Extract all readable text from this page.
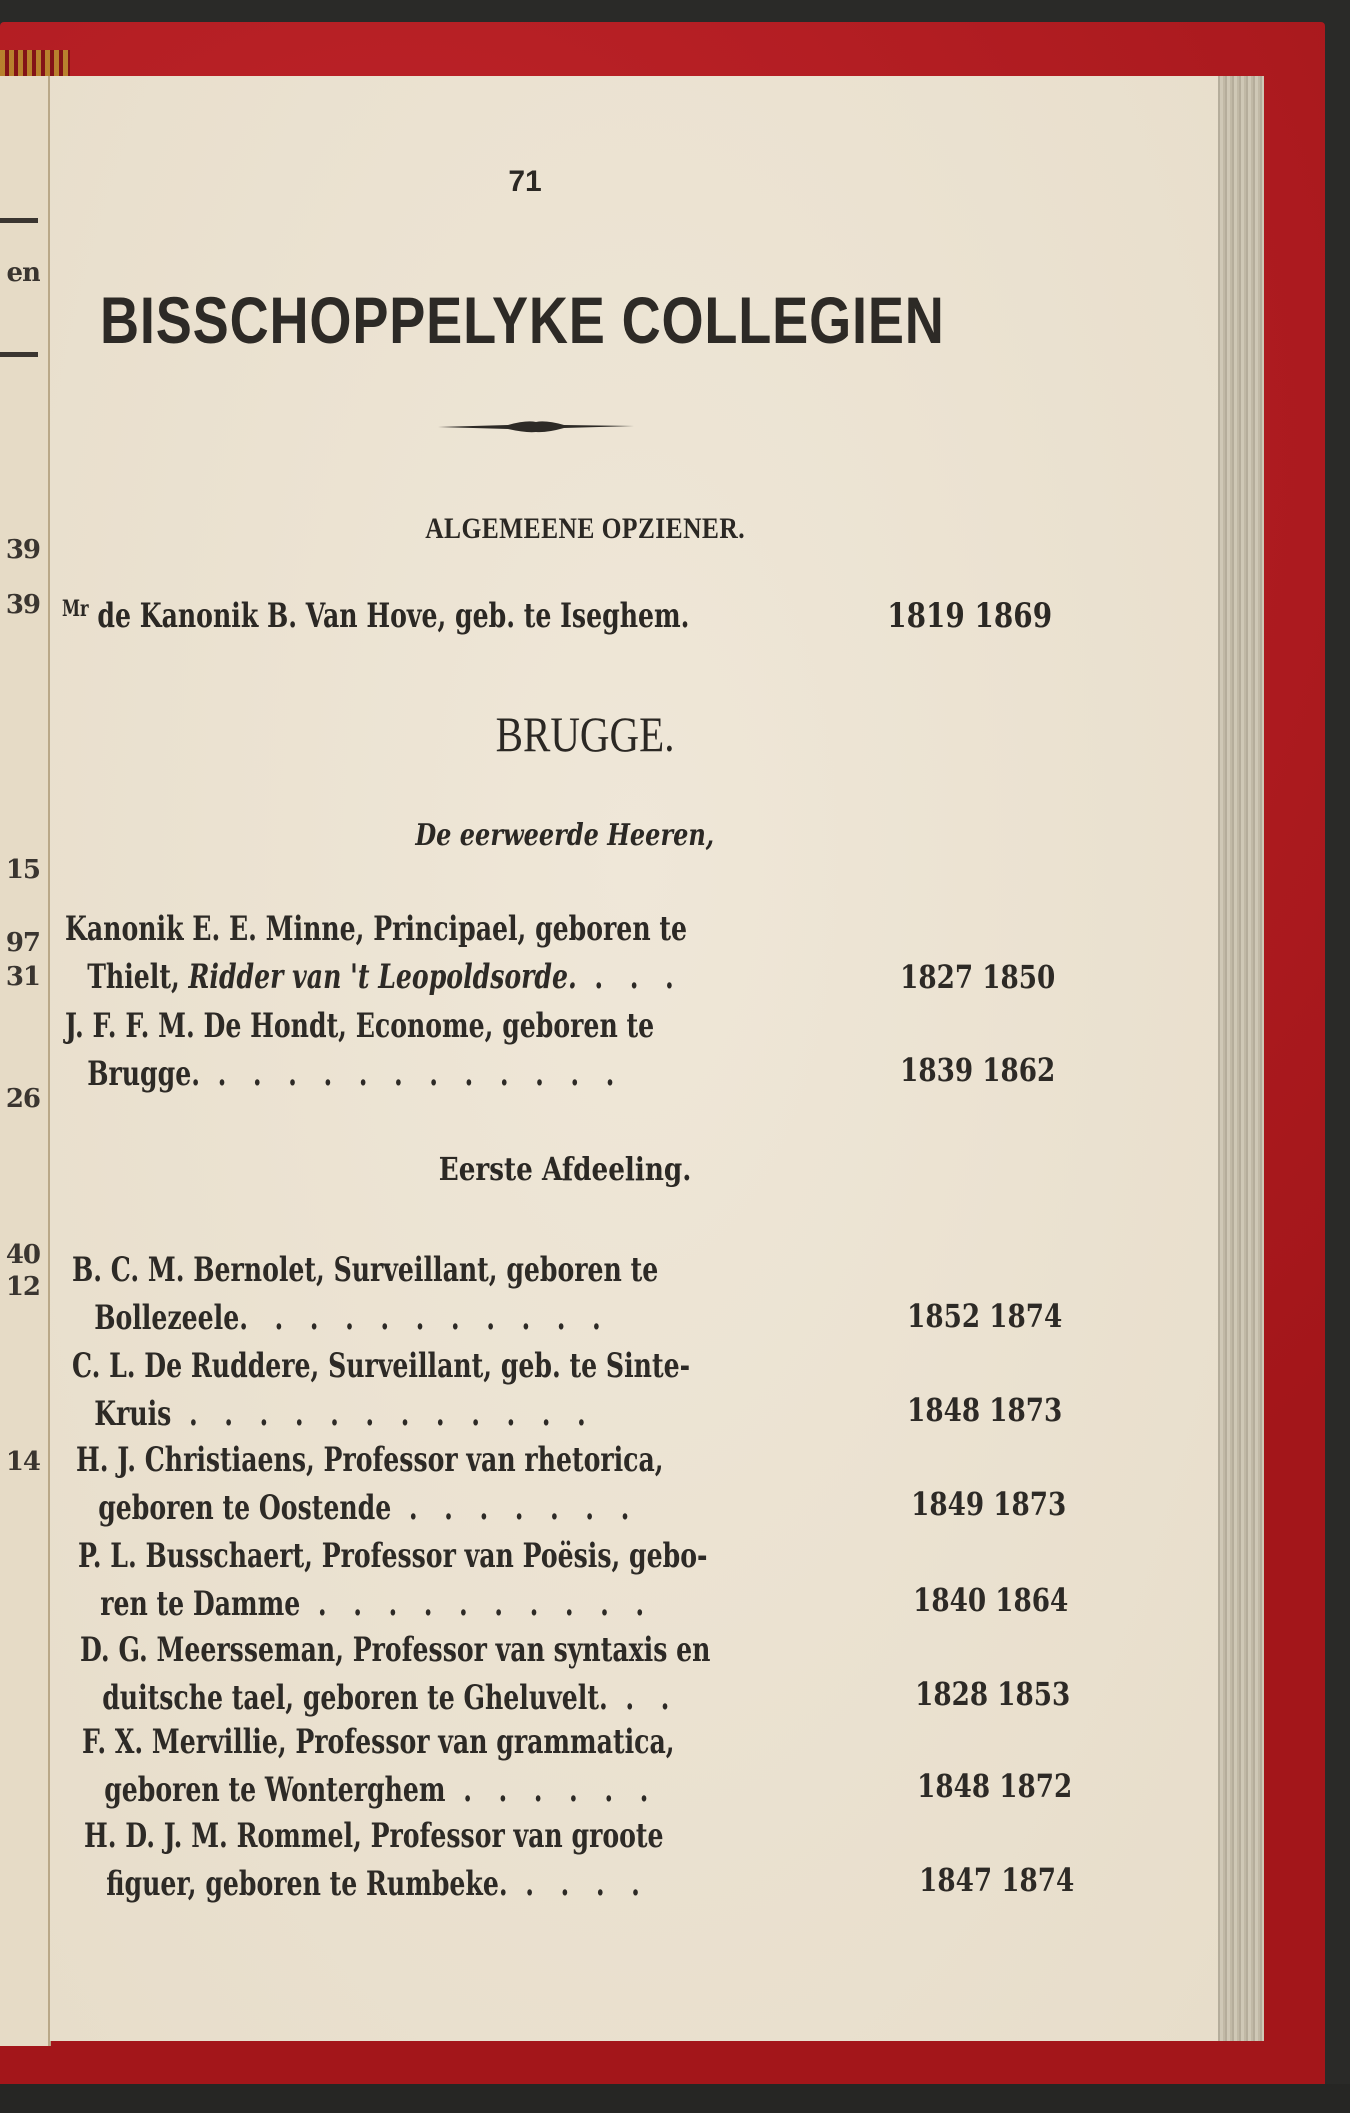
en
39
39
15
97
31
26
40
12
14
71
BISSCHOPPELYKE COLLEGIEN
ALGEMEENE OPZIENER.
$^{Mr}$ de Kanonik B. Van Hove, geb. te Iseghem.	1819 1869
BRUGGE.
De eerweerde Heeren,
Kanonik E. E. Minne, Principael, geboren te
Thielt, Ridder van 't Leopoldsorde. . . .	1827 1850
J. F. F. M. De Hondt, Econome, geboren te
Brugge. . . . . . . . . . . . .	1839 1862
Eerste Afdeeling.
B. C. M. Bernolet, Surveillant, geboren te
Bollezeele. . . . . . . . . . .	1852 1874
C. L. De Ruddere, Surveillant, geb. te Sinte-
Kruis . . . . . . . . . . . .	1848 1873
H. J. Christiaens, Professor van rhetorica,
geboren te Oostende . . . . . . .	1849 1873
P. L. Busschaert, Professor van Poësis, gebo-
ren te Damme . . . . . . . . . .	1840 1864
D. G. Meersseman, Professor van syntaxis en
duitsche tael, geboren te Gheluvelt. . .	1828 1853
F. X. Mervillie, Professor van grammatica,
geboren te Wonterghem . . . . . .	1848 1872
H. D. J. M. Rommel, Professor van groote
figuer, geboren te Rumbeke. . . . .	1847 1874
